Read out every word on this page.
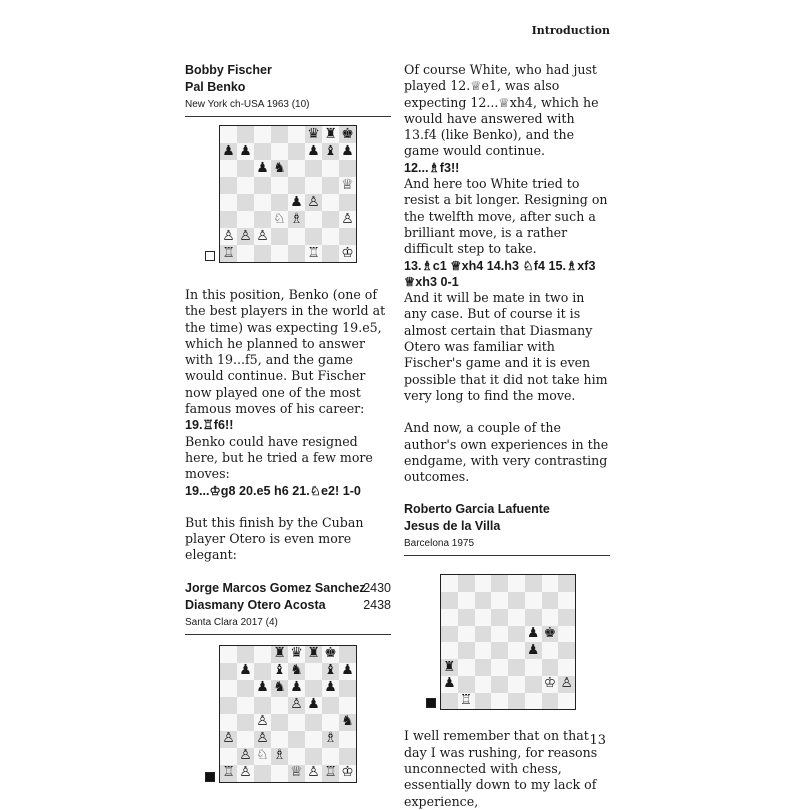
Introduction
Bobby Fischer
Pal Benko
New York ch-USA 1963 (10)
♛ ♜ ♚
♟ ♟	♟ ♝ ♟
♟ ♞
♕
♟ ♙
♘ ♗	♙
♙ ♙ ♙
♖	♖ ♔

In this position, Benko (one of the best players in the world at the time) was expecting 19.e5, which he planned to answer with 19...f5, and the game would continue. But Fischer now played one of the most famous moves of his career:

19.♖f6!!

Benko could have resigned here, but he tried a few more moves:

19...♔g8 20.e5 h6 21.♘e2! 1-0

But this finish by the Cuban player Otero is even more elegant:

Jorge Marcos Gomez Sanchez
2430
Diasmany Otero Acosta	2438
Santa Clara 2017 (4)
♜ ♛ ♜ ♚
♟ ♝ ♞ ♝ ♟
♟ ♞ ♟ ♟
♙ ♟
♙	♞
♙ ♙	♗
♙ ♘ ♗
♖ ♙	♕ ♙ ♖ ♔

Of course White, who had just played 12.♕e1, was also expecting 12...♕xh4, which he would have answered with 13.f4 (like Benko), and the game would continue.

12...♗f3!!

And here too White tried to resist a bit longer. Resigning on the twelfth move, after such a brilliant move, is a rather difficult step to take.

13.♗c1 ♕xh4 14.h3 ♘f4 15.♗xf3 ♕xh3 0-1

And it will be mate in two in any case. But of course it is almost certain that Diasmany Otero was familiar with Fischer's game and it is even possible that it did not take him very long to find the move.

And now, a couple of the author's own experiences in the endgame, with very contrasting outcomes.

Roberto Garcia Lafuente
Jesus de la Villa
Barcelona 1975
♟ ♚
♟
♜
♟	♔ ♙
♖

I well remember that on that day I was rushing, for reasons unconnected with chess, essentially down to my lack of experience,

13
